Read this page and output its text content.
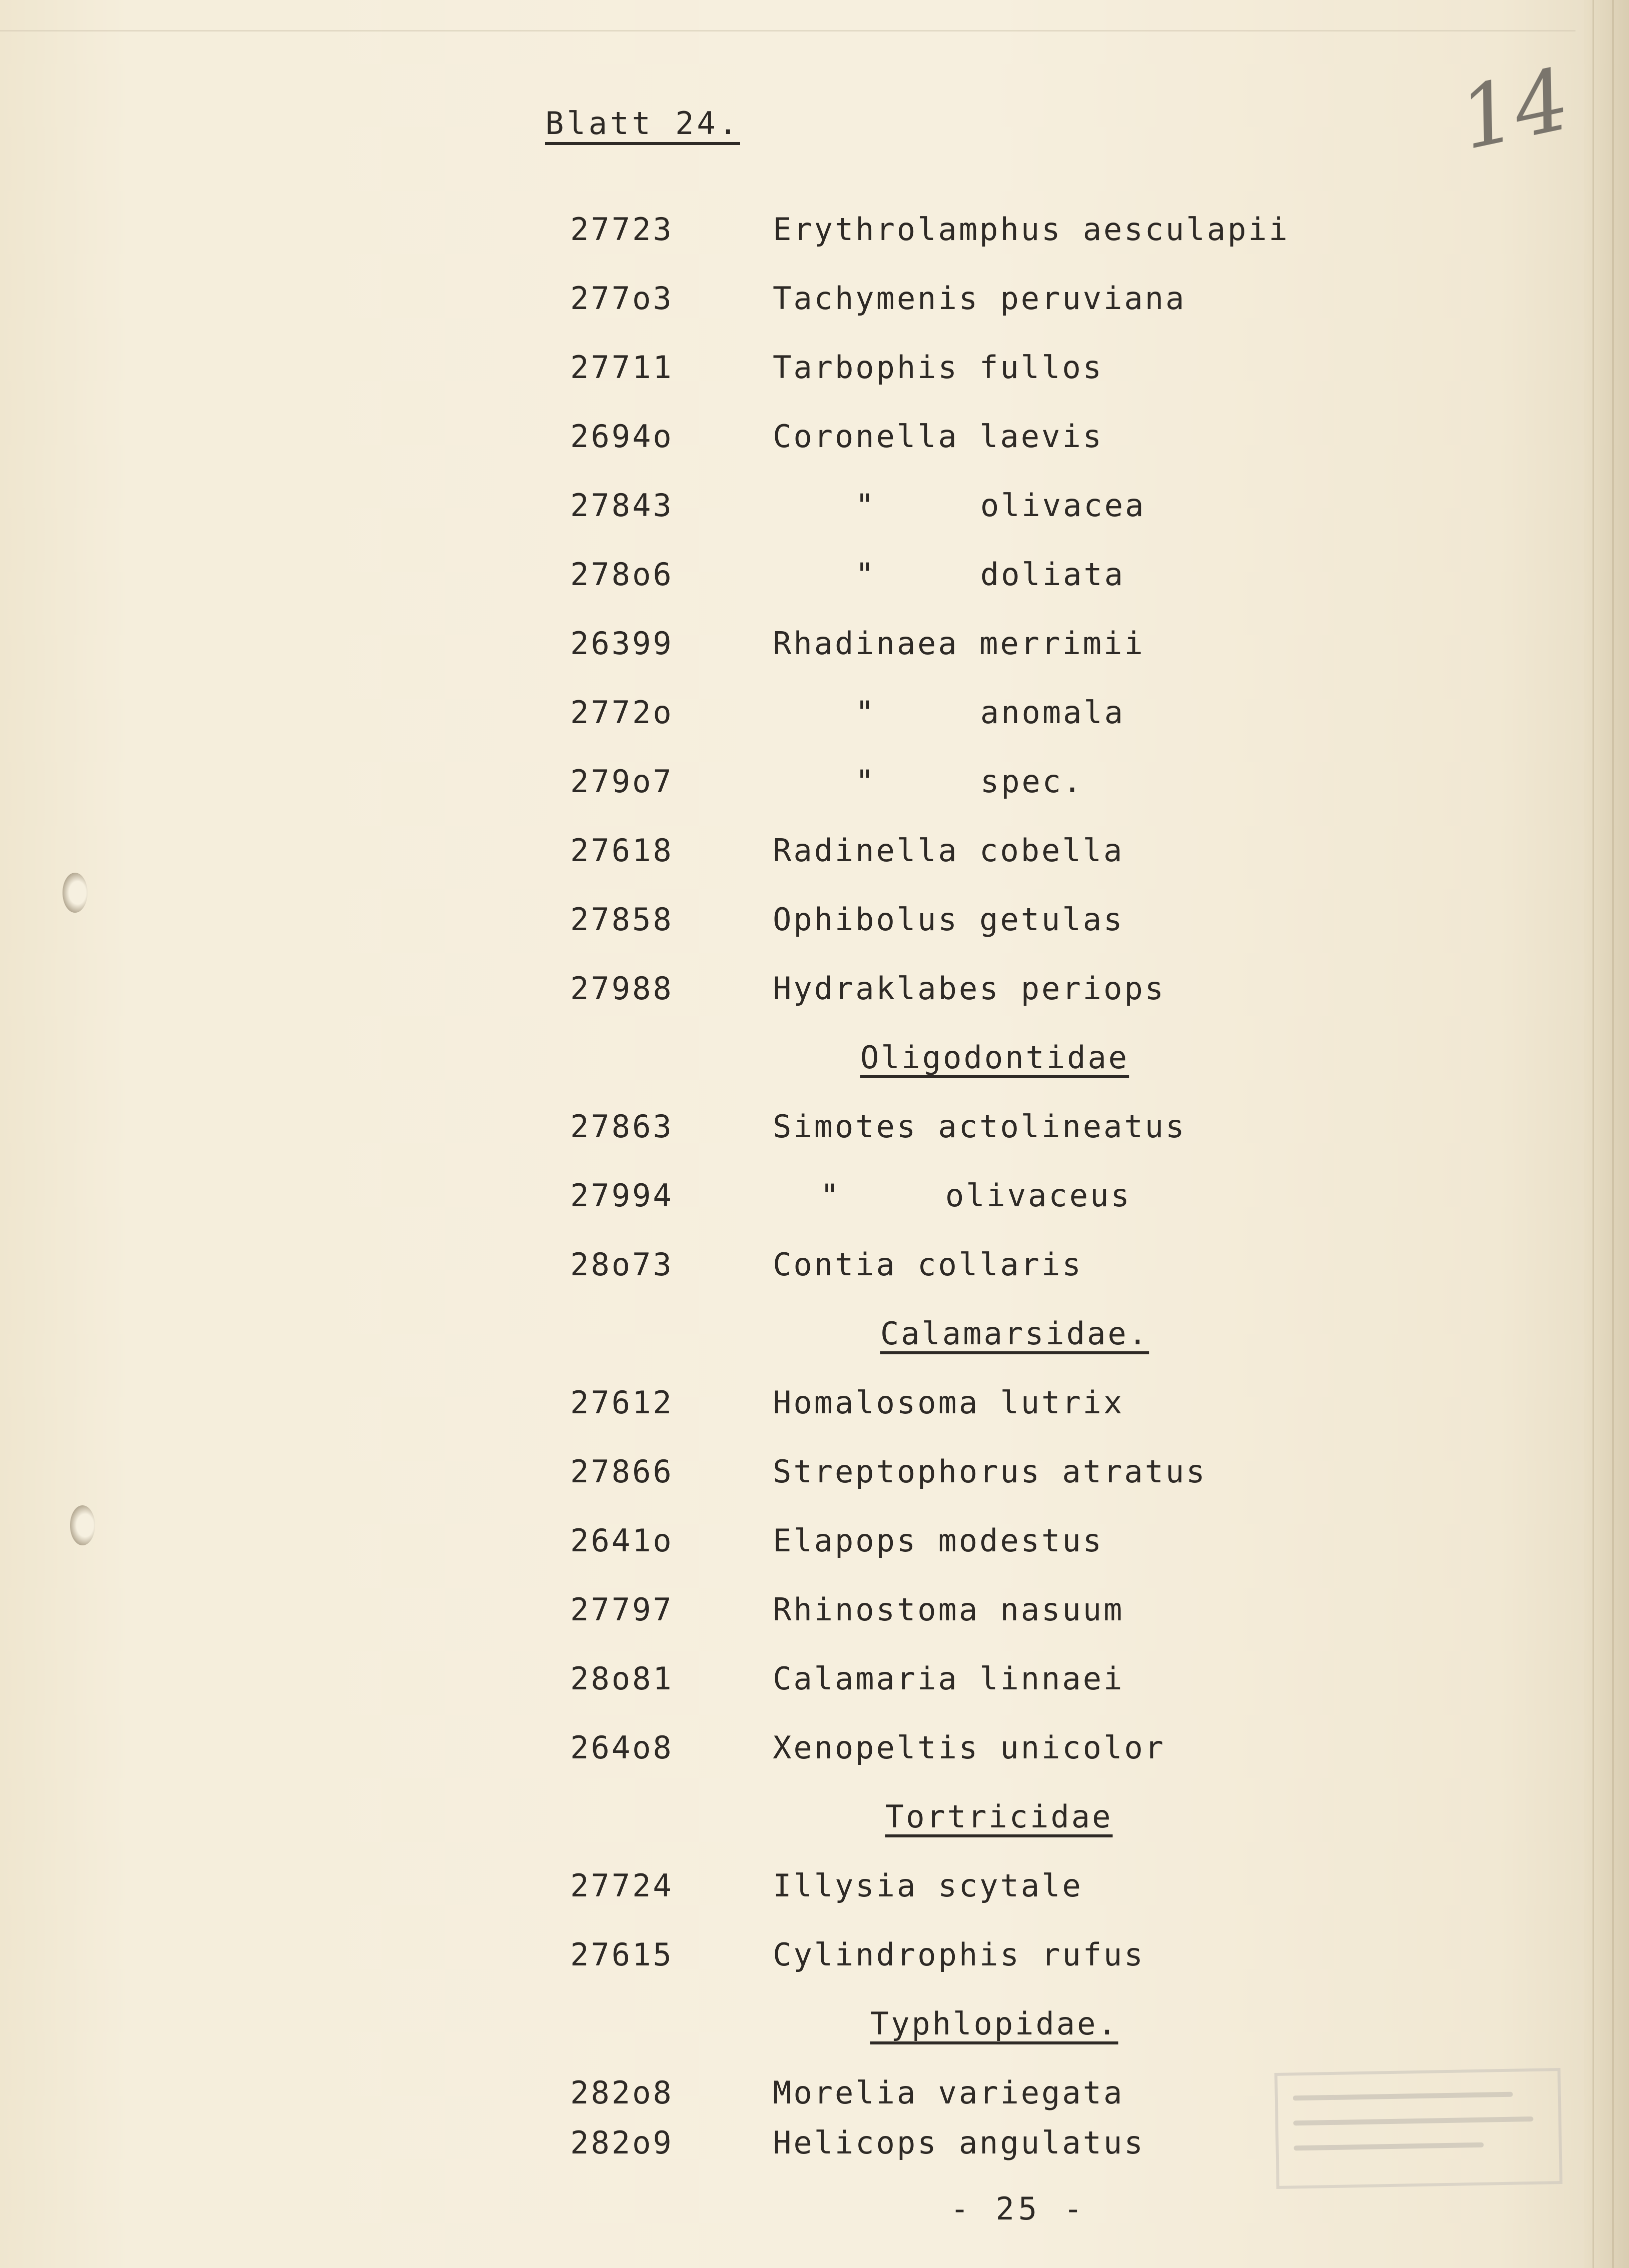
Blatt 24.	14
27723	Erythrolamphus aesculapii
277o3	Tachymenis peruviana
27711	Tarbophis fullos
2694o	Coronella laevis
27843	"	olivacea
278o6	"	doliata
26399	Rhadinaea merrimii
2772o	"	anomala
279o7	"	spec.
27618	Radinella cobella
27858	Ophibolus getulas
27988	Hydraklabes periops
Oligodontidae
27863	Simotes actolineatus
27994	"	olivaceus
28o73	Contia collaris
Calamarsidae.
27612	Homalosoma lutrix
27866	Streptophorus atratus
2641o	Elapops modestus
27797	Rhinostoma nasuum
28o81	Calamaria linnaei
264o8	Xenopeltis unicolor
Tortricidae
27724	Illysia scytale
27615	Cylindrophis rufus
Typhlopidae.
282o8	Morelia variegata
282o9	Helicops angulatus
- 25 -
